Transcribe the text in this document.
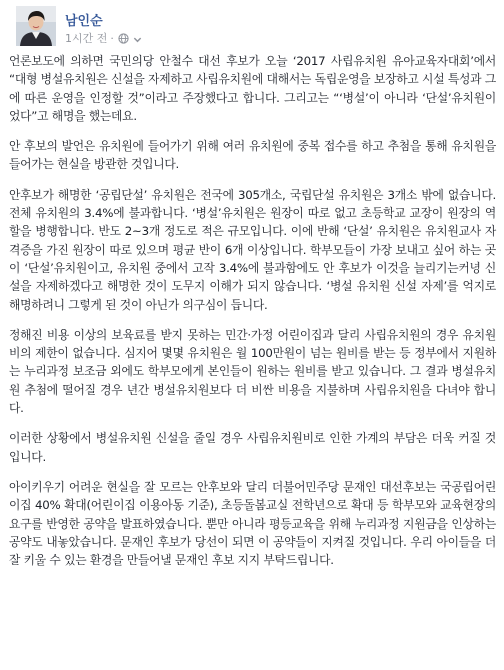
남인순
1시간 전 ·

언론보도에 의하면 국민의당 안철수 대선 후보가 오늘 ‘2017 사립유치원 유아교육자대회’에서 “대형 병설유치원은 신설을 자제하고 사립유치원에 대해서는 독립운영을 보장하고 시설 특성과 그에 따른 운영을 인정할 것”이라고 주장했다고 합니다. 그리고는 “‘병설’이 아니라 ‘단설’유치원이었다”고 해명을 했는데요.

안 후보의 발언은 유치원에 들어가기 위해 여러 유치원에 중복 접수를 하고 추첨을 통해 유치원을 들어가는 현실을 방관한 것입니다.

안후보가 해명한 ‘공립단설’ 유치원은 전국에 305개소, 국립단설 유치원은 3개소 밖에 없습니다. 전체 유치원의 3.4%에 불과합니다. ‘병설’유치원은 원장이 따로 없고 초등학교 교장이 원장의 역할을 병행합니다. 반도 2~3개 정도로 적은 규모입니다. 이에 반해 ‘단설’ 유치원은 유치원교사 자격증을 가진 원장이 따로 있으며 평균 반이 6개 이상입니다. 학부모들이 가장 보내고 싶어 하는 곳이 ‘단설’유치원이고, 유치원 중에서 고작 3.4%에 불과함에도 안 후보가 이것을 늘리기는커녕 신설을 자제하겠다고 해명한 것이 도무지 이해가 되지 않습니다. ‘병설 유치원 신설 자제’를 억지로 해명하려니 그렇게 된 것이 아닌가 의구심이 듭니다.

정해진 비용 이상의 보육료를 받지 못하는 민간·가정 어린이집과 달리 사립유치원의 경우 유치원비의 제한이 없습니다. 심지어 몇몇 유치원은 월 100만원이 넘는 원비를 받는 등 정부에서 지원하는 누리과정 보조금 외에도 학부모에게 본인들이 원하는 원비를 받고 있습니다. 그 결과 병설유치원 추첨에 떨어질 경우 년간 병설유치원보다 더 비싼 비용을 지불하며 사립유치원을 다녀야 합니다.

이러한 상황에서 병설유치원 신설을 줄일 경우 사립유치원비로 인한 가계의 부담은 더욱 커질 것입니다.

아이키우기 어려운 현실을 잘 모르는 안후보와 달리 더불어민주당 문재인 대선후보는 국공립어린이집 40% 확대(어린이집 이용아동 기준), 초등돌봄교실 전학년으로 확대 등 학부모와 교육현장의 요구를 반영한 공약을 발표하였습니다. 뿐만 아니라 평등교육을 위해 누리과정 지원금을 인상하는 공약도 내놓았습니다. 문재인 후보가 당선이 되면 이 공약들이 지켜질 것입니다. 우리 아이들을 더 잘 키울 수 있는 환경을 만들어낼 문재인 후보 지지 부탁드립니다.
